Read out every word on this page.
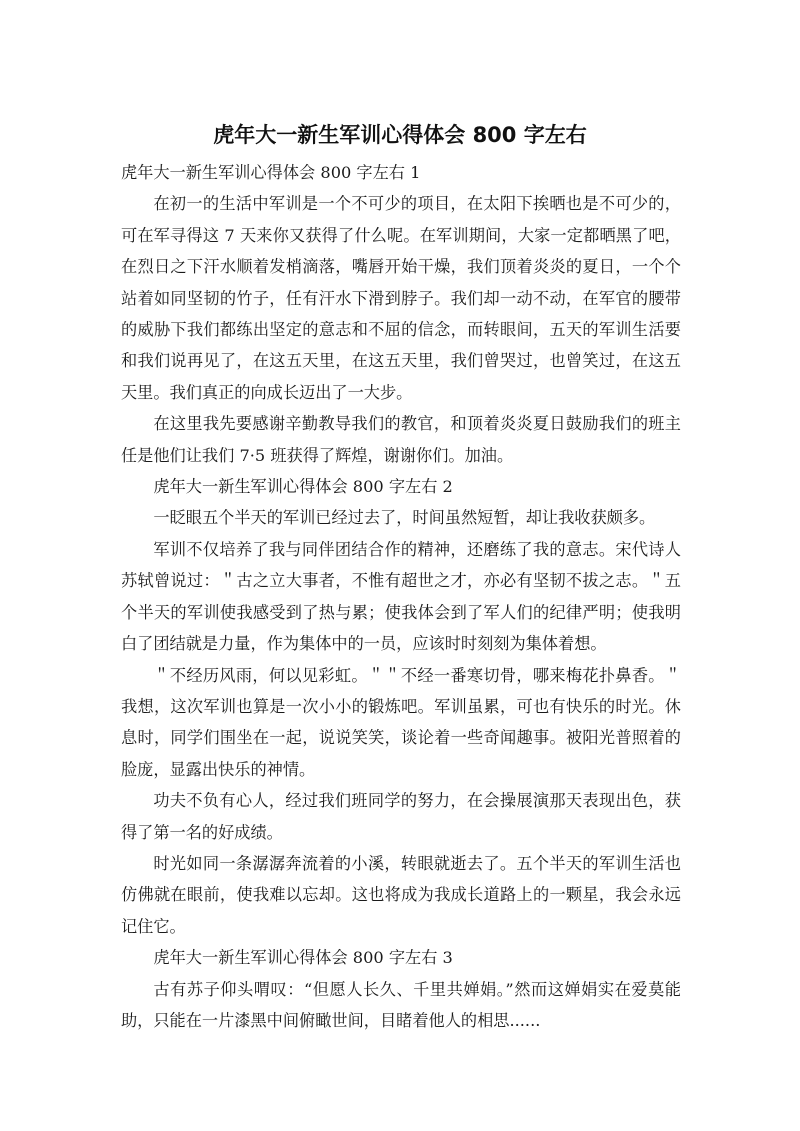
虎年大一新生军训心得体会 800 字左右

虎年大一新生军训心得体会 800 字左右 1

在初一的生活中军训是一个不可少的项目，在太阳下挨晒也是不可少的，可在军寻得这 7 天来你又获得了什么呢。在军训期间，大家一定都晒黑了吧，在烈日之下汗水顺着发梢滴落，嘴唇开始干燥，我们顶着炎炎的夏日，一个个站着如同坚韧的竹子，任有汗水下滑到脖子。我们却一动不动，在军官的腰带的威胁下我们都练出坚定的意志和不屈的信念，而转眼间，五天的军训生活要和我们说再见了，在这五天里，在这五天里，我们曾哭过，也曾笑过，在这五天里。我们真正的向成长迈出了一大步。

在这里我先要感谢辛勤教导我们的教官，和顶着炎炎夏日鼓励我们的班主任是他们让我们 7·5 班获得了辉煌，谢谢你们。加油。

虎年大一新生军训心得体会 800 字左右 2

一眨眼五个半天的军训已经过去了，时间虽然短暂，却让我收获颇多。

军训不仅培养了我与同伴团结合作的精神，还磨练了我的意志。宋代诗人苏轼曾说过：＂古之立大事者，不惟有超世之才，亦必有坚韧不拔之志。＂五个半天的军训使我感受到了热与累；使我体会到了军人们的纪律严明；使我明白了团结就是力量，作为集体中的一员，应该时时刻刻为集体着想。

＂不经历风雨，何以见彩虹。＂＂不经一番寒切骨，哪来梅花扑鼻香。＂我想，这次军训也算是一次小小的锻炼吧。军训虽累，可也有快乐的时光。休息时，同学们围坐在一起，说说笑笑，谈论着一些奇闻趣事。被阳光普照着的脸庞，显露出快乐的神情。

功夫不负有心人，经过我们班同学的努力，在会操展演那天表现出色，获得了第一名的好成绩。

时光如同一条潺潺奔流着的小溪，转眼就逝去了。五个半天的军训生活也仿佛就在眼前，使我难以忘却。这也将成为我成长道路上的一颗星，我会永远记住它。

虎年大一新生军训心得体会 800 字左右 3

古有苏子仰头喟叹：“但愿人长久、千里共婵娟。”然而这婵娟实在爱莫能助，只能在一片漆黑中间俯瞰世间，目睹着他人的相思......
